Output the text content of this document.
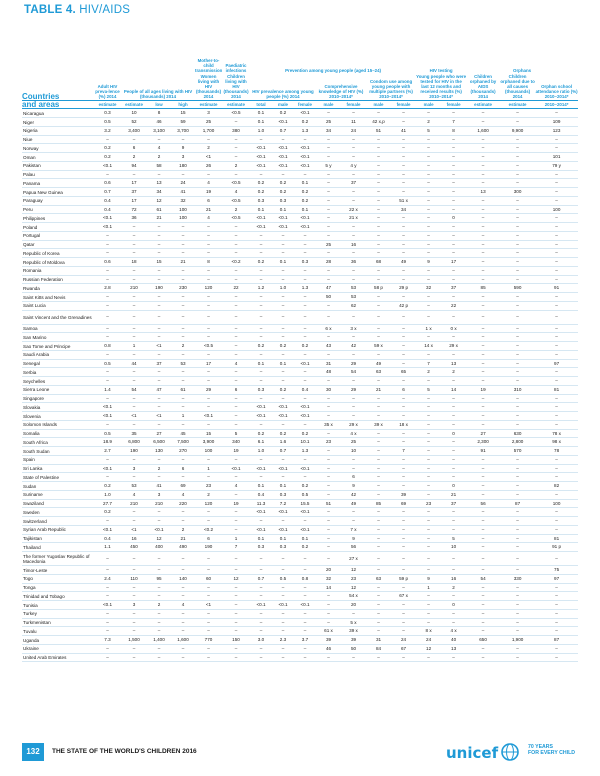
TABLE 4. HIV/AIDS
					Mother-to-child transmission	Paediatric infections	Prevention among young people (aged 15–24)							HIV testing		Orphans		
Countries	Adult HIV preva-lence (%) 2014	People of all ages living with HIV (thousands) 2014			Women living with HIV (thousands) 2014	Children living with HIV (thousands) 2014	HIV prevalence among young people (%) 2014			Comprehensive knowledge of HIV (%) 2010–2014*		Condom use among young people with multiple partners (%) 2010–2014*		Young people who were tested for HIV in the last 12 months and received results (%) 2010–2014*		Children orphaned by AIDS (thousands) 2014	Children orphaned due to all causes (thousands) 2014	Orphan school attendance ratio (%) 2010–2014*
and areas	estimate	estimate	low	high	estimate	estimate	total	male	female	male	female	male	female	male	female	estimate	estimate	2010–2014*
Nicaragua	0.3	10	8	15	3	<0.5	0.1	0.2	<0.1	–	–	–	–	–	–	–	–	–
Niger	0.5	52	46	59	25	–	0.1	<0.1	0.2	25	11	42 x,p	–	2	7	–	–	109
Nigeria	3.2	3,400	3,100	3,700	1,700	380	1.0	0.7	1.3	34	24	51	41	5	8	1,600	9,900	123
Niue	–	–	–	–	–	–	–	–	–	–	–	–	–	–	–	–	–	–
Norway	0.2	6	4	9	2	–	<0.1	<0.1	<0.1	–	–	–	–	–	–	–	–	–
Oman	0.2	2	2	3	<1	–	<0.1	<0.1	<0.1	–	–	–	–	–	–	–	–	101
Pakistan	<0.1	94	58	180	26	2	<0.1	<0.1	<0.1	5 y	4 y	–	–	–	–	–	–	79 y
Palau	–	–	–	–	–	–	–	–	–	–	–	–	–	–	–	–	–	–
Panama	0.6	17	13	24	4	<0.5	0.2	0.2	0.1	–	37	–	–	–	–	–	–	–
Papua New Guinea	0.7	37	34	41	19	4	0.2	0.2	0.2	–	–	–	–	–	–	13	300	–
Paraguay	0.4	17	12	32	6	<0.5	0.3	0.3	0.2	–	–	–	51 x	–	–	–	–	–
Peru	0.4	72	61	100	21	2	0.1	0.1	0.1	–	22 x	–	34	–	–	–	–	100
Philippines	<0.1	36	21	100	4	<0.5	<0.1	<0.1	<0.1	–	21 x	–	–	–	0	–	–	–
Poland	<0.1	–	–	–	–	–	<0.1	<0.1	<0.1	–	–	–	–	–	–	–	–	–
Portugal	–	–	–	–	–	–	–	–	–	–	–	–	–	–	–	–	–	–
Qatar	–	–	–	–	–	–	–	–	–	25	16	–	–	–	–	–	–	–
Republic of Korea	–	–	–	–	–	–	–	–	–	–	–	–	–	–	–	–	–	–
Republic of Moldova	0.6	18	15	21	8	<0.2	0.2	0.1	0.3	28	36	68	49	9	17	–	–	–
Romania	–	–	–	–	–	–	–	–	–	–	–	–	–	–	–	–	–	–
Russian Federation	–	–	–	–	–	–	–	–	–	–	–	–	–	–	–	–	–	–
Rwanda	2.8	210	190	230	120	22	1.2	1.0	1.3	47	53	58 p	29 p	32	37	85	590	91
Saint Kitts and Nevis	–	–	–	–	–	–	–	–	–	50	53	–	–	–	–	–	–	–
Saint Lucia	–	–	–	–	–	–	–	–	–	–	62	–	42 p	–	22	–	–	–
Saint Vincent and the Grenadines	–	–	–	–	–	–	–	–	–	–	–	–	–	–	–	–	–	–
Samoa	–	–	–	–	–	–	–	–	–	6 x	3 x	–	–	1 x	0 x	–	–	–
San Marino	–	–	–	–	–	–	–	–	–	–	–	–	–	–	–	–	–	–
Sao Tome and Principe	0.8	1	<1	2	<0.5	–	0.2	0.2	0.2	43	42	59 x	–	14 x	29 x	–	–	–
Saudi Arabia	–	–	–	–	–	–	–	–	–	–	–	–	–	–	–	–	–	–
Senegal	0.5	44	37	53	17	4	0.1	0.1	<0.1	31	29	49	–	7	13	–	–	97
Serbia	–	–	–	–	–	–	–	–	–	48	54	63	65	2	2	–	–	–
Seychelles	–	–	–	–	–	–	–	–	–	–	–	–	–	–	–	–	–	–
Sierra Leone	1.4	54	47	61	29	6	0.3	0.2	0.4	30	29	21	6	5	14	19	310	81
Singapore	–	–	–	–	–	–	–	–	–	–	–	–	–	–	–	–	–	–
Slovakia	<0.1	–	–	–	–	–	<0.1	<0.1	<0.1	–	–	–	–	–	–	–	–	–
Slovenia	<0.1	<1	<1	1	<0.1	–	<0.1	<0.1	<0.1	–	–	–	–	–	–	–	–	–
Solomon Islands	–	–	–	–	–	–	–	–	–	35 x	29 x	39 x	18 x	–	–	–	–	–
Somalia	0.5	35	27	45	15	5	0.2	0.2	0.2	–	4 x	–	–	–	0	27	630	78 x
South Africa	18.9	6,800	6,500	7,500	3,900	340	6.1	1.6	10.1	23	25	–	–	–	–	2,300	2,800	98 x
South Sudan	2.7	190	130	270	100	19	1.0	0.7	1.3	–	10	–	7	–	–	91	570	78
Spain	–	–	–	–	–	–	–	–	–	–	–	–	–	–	–	–	–	–
Sri Lanka	<0.1	3	2	6	1	<0.1	<0.1	<0.1	<0.1	–	–	–	–	–	–	–	–	–
State of Palestine	–	–	–	–	–	–	–	–	–	–	6	–	–	–	–	–	–	–
Sudan	0.2	53	41	69	23	4	0.1	0.1	0.2	–	9	–	–	–	0	–	–	82
Suriname	1.0	4	3	4	2	–	0.4	0.3	0.5	–	42	–	39	–	21	–	–	–
Swaziland	27.7	210	210	220	120	19	11.3	7.2	15.5	51	49	85	69	23	37	56	87	100
Sweden	0.2	–	–	–	–	–	<0.1	<0.1	<0.1	–	–	–	–	–	–	–	–	–
Switzerland	–	–	–	–	–	–	–	–	–	–	–	–	–	–	–	–	–	–
Syrian Arab Republic	<0.1	<1	<0.1	2	<0.2	–	<0.1	<0.1	<0.1	–	7 x	–	–	–	–	–	–	–
Tajikistan	0.4	16	12	21	6	1	0.1	0.1	0.1	–	9	–	–	–	5	–	–	81
Thailand	1.1	450	400	490	190	7	0.3	0.3	0.2	–	56	–	–	–	10	–	–	91 p
The former Yugoslav Republic of Macedonia	–	–	–	–	–	–	–	–	–	–	27 x	–	–	–	–	–	–	–
Timor-Leste	–	–	–	–	–	–	–	–	–	20	12	–	–	–	–	–	–	75
Togo	2.4	110	95	140	60	12	0.7	0.5	0.8	32	23	63	59 p	9	16	54	330	97
Tonga	–	–	–	–	–	–	–	–	–	14	12	–	–	1	2	–	–	–
Trinidad and Tobago	–	–	–	–	–	–	–	–	–	–	54 x	–	67 x	–	–	–	–	–
Tunisia	<0.1	3	2	4	<1	–	<0.1	<0.1	<0.1	–	20	–	–	–	0	–	–	–
Turkey	–	–	–	–	–	–	–	–	–	–	–	–	–	–	–	–	–	–
Turkmenistan	–	–	–	–	–	–	–	–	–	–	5 x	–	–	–	–	–	–	–
Tuvalu	–	–	–	–	–	–	–	–	–	61 x	39 x	–	–	8 x	4 x	–	–	–
Uganda	7.3	1,500	1,400	1,600	770	150	3.0	2.3	3.7	39	39	31	24	24	40	650	1,900	87
Ukraine	–	–	–	–	–	–	–	–	–	46	50	84	67	12	13	–	–	–
United Arab Emirates	–	–	–	–	–	–	–	–	–	–	–	–	–	–	–	–	–	–
132	THE STATE OF THE WORLD'S CHILDREN 2016	unicef	70 YEARS
FOR EVERY CHILD
